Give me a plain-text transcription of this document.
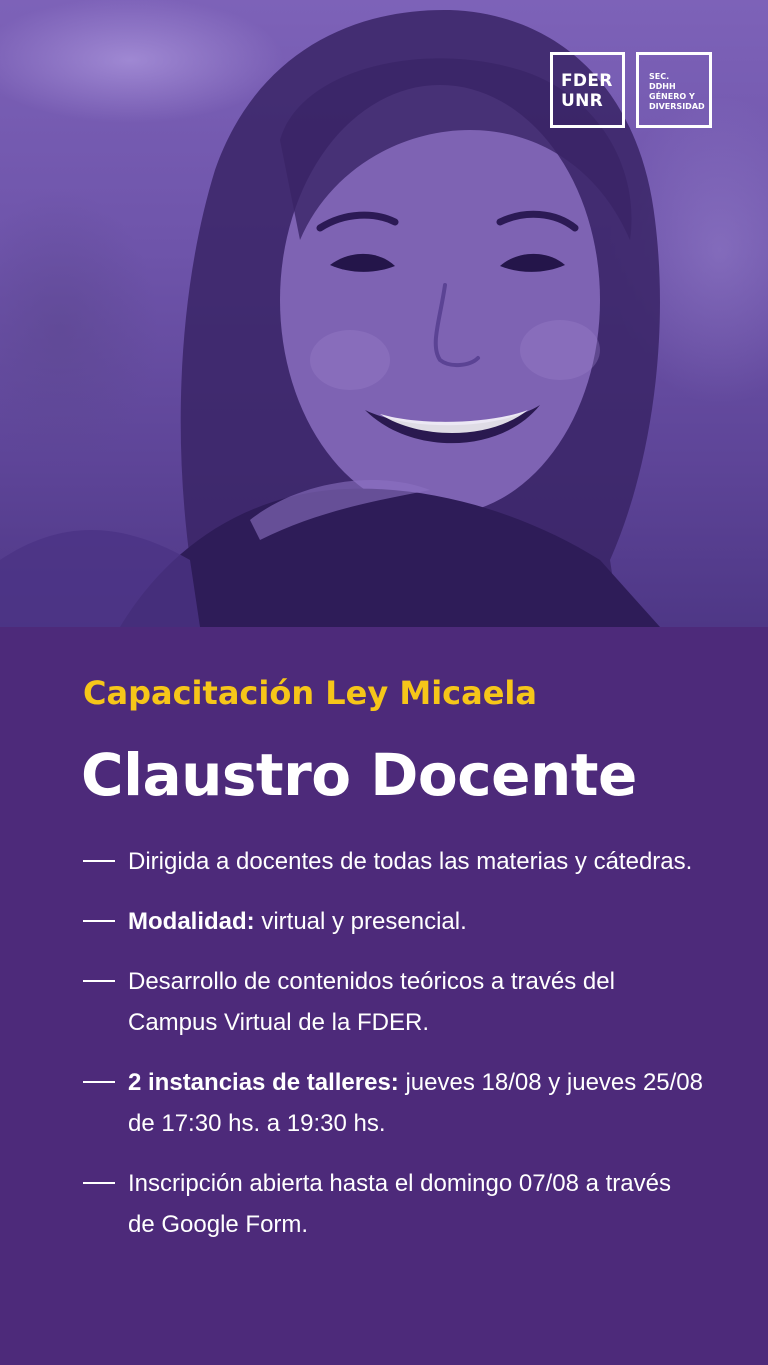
FDER
UNR
SEC.
DDHH
GÉNERO Y
DIVERSIDAD
Capacitación Ley Micaela
Claustro Docente
Dirigida a docentes de todas las materias y cátedras.
Modalidad: virtual y presencial.
Desarrollo de contenidos teóricos a través del Campus Virtual de la FDER.
2 instancias de talleres: jueves 18/08 y jueves 25/08 de 17:30 hs. a 19:30 hs.
Inscripción abierta hasta el domingo 07/08 a través de Google Form.
